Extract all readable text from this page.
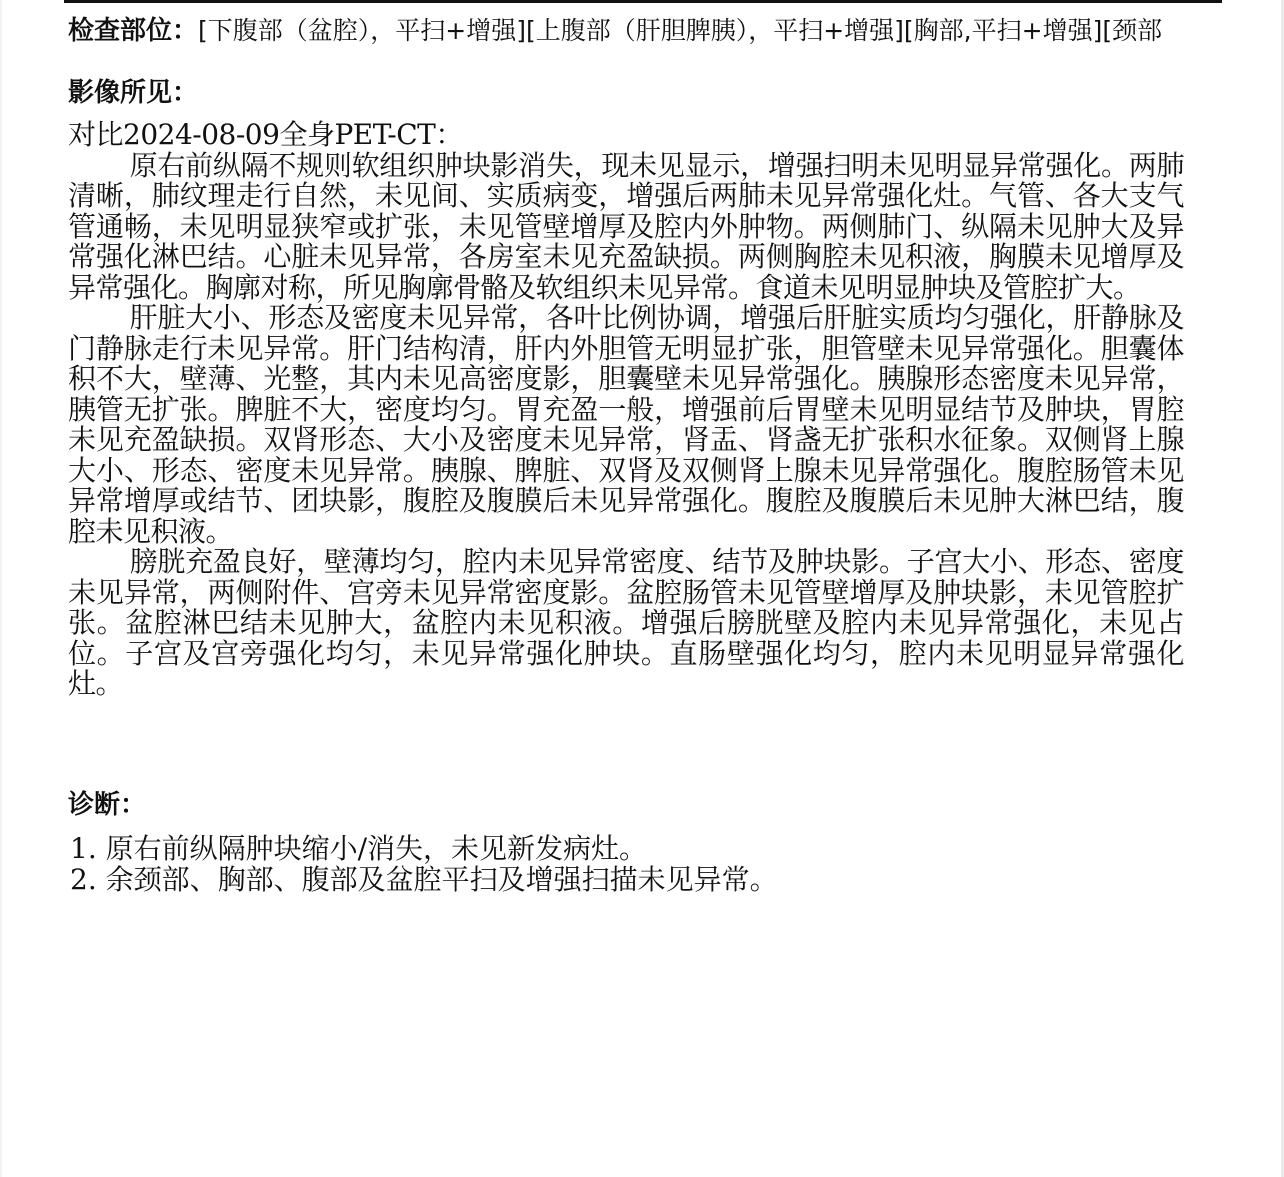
检查部位：[下腹部（盆腔），平扫+增强][上腹部（肝胆脾胰），平扫+增强][胸部,平扫+增强][颈部
影像所见：

对比2024-08-09全身PET-CT：

原右前纵隔不规则软组织肿块影消失，现未见显示，增强扫明未见明显异常强化。两肺清晰，肺纹理走行自然，未见间、实质病变，增强后两肺未见异常强化灶。气管、各大支气管通畅，未见明显狭窄或扩张，未见管壁增厚及腔内外肿物。两侧肺门、纵隔未见肿大及异常强化淋巴结。心脏未见异常，各房室未见充盈缺损。两侧胸腔未见积液，胸膜未见增厚及异常强化。胸廓对称，所见胸廓骨骼及软组织未见异常。食道未见明显肿块及管腔扩大。

肝脏大小、形态及密度未见异常，各叶比例协调，增强后肝脏实质均匀强化，肝静脉及门静脉走行未见异常。肝门结构清，肝内外胆管无明显扩张，胆管壁未见异常强化。胆囊体积不大，壁薄、光整，其内未见高密度影，胆囊壁未见异常强化。胰腺形态密度未见异常，胰管无扩张。脾脏不大，密度均匀。胃充盈一般，增强前后胃壁未见明显结节及肿块，胃腔未见充盈缺损。双肾形态、大小及密度未见异常，肾盂、肾盏无扩张积水征象。双侧肾上腺大小、形态、密度未见异常。胰腺、脾脏、双肾及双侧肾上腺未见异常强化。腹腔肠管未见异常增厚或结节、团块影，腹腔及腹膜后未见异常强化。腹腔及腹膜后未见肿大淋巴结，腹腔未见积液。

膀胱充盈良好，壁薄均匀，腔内未见异常密度、结节及肿块影。子宫大小、形态、密度未见异常，两侧附件、宫旁未见异常密度影。盆腔肠管未见管壁增厚及肿块影，未见管腔扩张。盆腔淋巴结未见肿大，盆腔内未见积液。增强后膀胱壁及腔内未见异常强化，未见占位。子宫及宫旁强化均匀，未见异常强化肿块。直肠壁强化均匀，腔内未见明显异常强化灶。

诊断：

1. 原右前纵隔肿块缩小/消失，未见新发病灶。

2. 余颈部、胸部、腹部及盆腔平扫及增强扫描未见异常。
